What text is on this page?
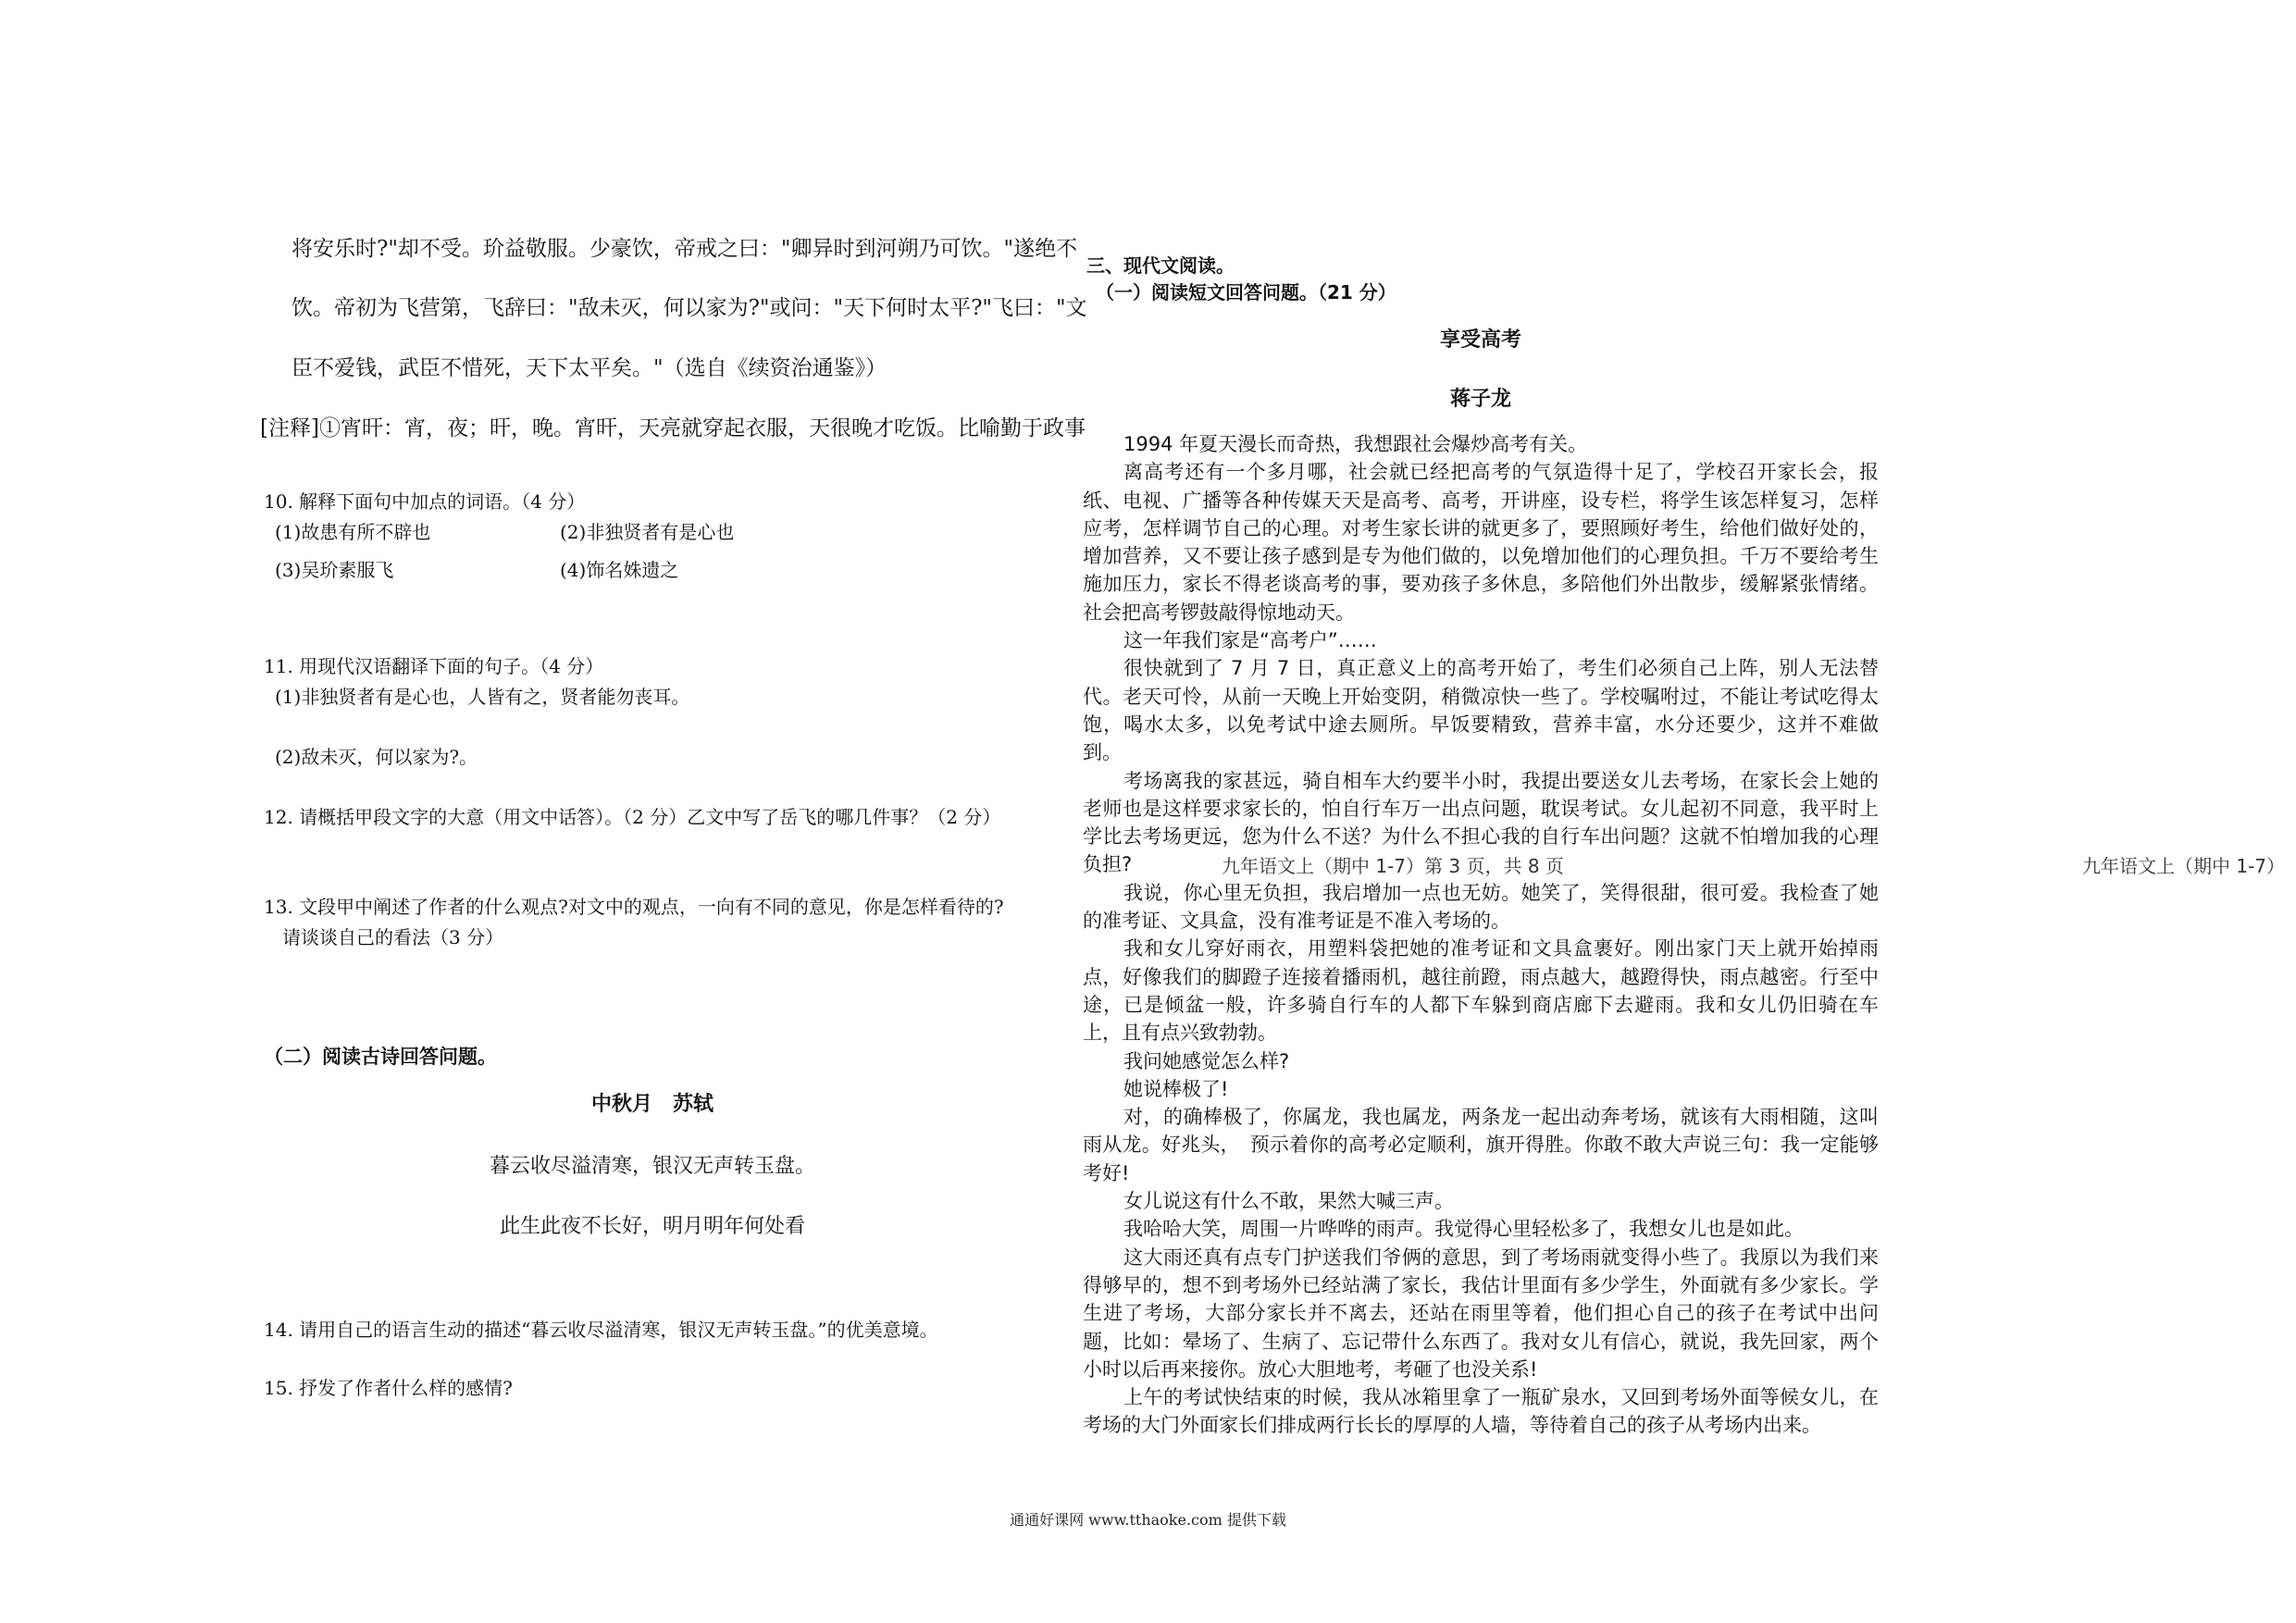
将安乐时?"却不受。玠益敬服。少豪饮，帝戒之曰："卿异时到河朔乃可饮。"遂绝不
饮。帝初为飞营第，飞辞曰："敌未灭，何以家为?"或问："天下何时太平?"飞曰："文
臣不爱钱，武臣不惜死，天下太平矣。"（选自《续资治通鉴》）
[注释]①宵旰：宵，夜；旰，晚。宵旰，天亮就穿起衣服，天很晚才吃饭。比喻勤于政事
10. 解释下面句中加点的词语。（4 分）
(1)故患有所不辟也	(2)非独贤者有是心也
(3)吴玠素服飞	(4)饰名姝遗之
11. 用现代汉语翻译下面的句子。（4 分）
(1)非独贤者有是心也，人皆有之，贤者能勿丧耳。
(2)敌未灭，何以家为?。
12. 请概括甲段文字的大意（用文中话答）。（2 分）乙文中写了岳飞的哪几件事？（2 分）
13. 文段甲中阐述了作者的什么观点?对文中的观点，一向有不同的意见，你是怎样看待的?
请谈谈自己的看法（3 分）
（二）阅读古诗回答问题。
中秋月　苏轼
暮云收尽溢清寒，银汉无声转玉盘。
此生此夜不长好，明月明年何处看
14. 请用自己的语言生动的描述“暮云收尽溢清寒，银汉无声转玉盘。”的优美意境。
15. 抒发了作者什么样的感情?
三、现代文阅读。
（一）阅读短文回答问题。（21 分）
享受高考
蒋子龙

1994 年夏天漫长而奇热，我想跟社会爆炒高考有关。

离高考还有一个多月哪，社会就已经把高考的气氛造得十足了，学校召开家长会，报纸、电视、广播等各种传媒天天是高考、高考，开讲座，设专栏，将学生该怎样复习，怎样应考，怎样调节自己的心理。对考生家长讲的就更多了，要照顾好考生，给他们做好处的，增加营养，又不要让孩子感到是专为他们做的，以免增加他们的心理负担。千万不要给考生施加压力，家长不得老谈高考的事，要劝孩子多休息，多陪他们外出散步，缓解紧张情绪。社会把高考锣鼓敲得惊地动天。

这一年我们家是“高考户”……

很快就到了 7 月 7 日，真正意义上的高考开始了，考生们必须自己上阵，别人无法替代。老天可怜，从前一天晚上开始变阴，稍微凉快一些了。学校嘱咐过，不能让考试吃得太饱，喝水太多，以免考试中途去厕所。早饭要精致，营养丰富，水分还要少，这并不难做到。

考场离我的家甚远，骑自相车大约要半小时，我提出要送女儿去考场，在家长会上她的老师也是这样要求家长的，怕自行车万一出点问题，耽误考试。女儿起初不同意，我平时上学比去考场更远，您为什么不送？为什么不担心我的自行车出问题？这就不怕增加我的心理负担?

我说，你心里无负担，我启增加一点也无妨。她笑了，笑得很甜，很可爱。我检查了她的准考证、文具盒，没有准考证是不准入考场的。

我和女儿穿好雨衣，用塑料袋把她的准考证和文具盒裹好。刚出家门天上就开始掉雨点，好像我们的脚蹬子连接着播雨机，越往前蹬，雨点越大，越蹬得快，雨点越密。行至中途，已是倾盆一般，许多骑自行车的人都下车躲到商店廊下去避雨。我和女儿仍旧骑在车上，且有点兴致勃勃。

我问她感觉怎么样?

她说棒极了!

对，的确棒极了，你属龙，我也属龙，两条龙一起出动奔考场，就该有大雨相随，这叫雨从龙。好兆头，　预示着你的高考必定顺利，旗开得胜。你敢不敢大声说三句：我一定能够考好!

女儿说这有什么不敢，果然大喊三声。

我哈哈大笑，周围一片哗哗的雨声。我觉得心里轻松多了，我想女儿也是如此。

这大雨还真有点专门护送我们爷俩的意思，到了考场雨就变得小些了。我原以为我们来得够早的，想不到考场外已经站满了家长，我估计里面有多少学生，外面就有多少家长。学生进了考场，大部分家长并不离去，还站在雨里等着，他们担心自己的孩子在考试中出问题，比如：晕场了、生病了、忘记带什么东西了。我对女儿有信心，就说，我先回家，两个小时以后再来接你。放心大胆地考，考砸了也没关系!

上午的考试快结束的时候，我从冰箱里拿了一瓶矿泉水，又回到考场外面等候女儿，在考场的大门外面家长们排成两行长长的厚厚的人墙，等待着自己的孩子从考场内出来。

九年语文上（期中 1-7）第 3 页，共 8 页	九年语文上（期中 1-7）
通通好课网 www.tthaoke.com 提供下载
